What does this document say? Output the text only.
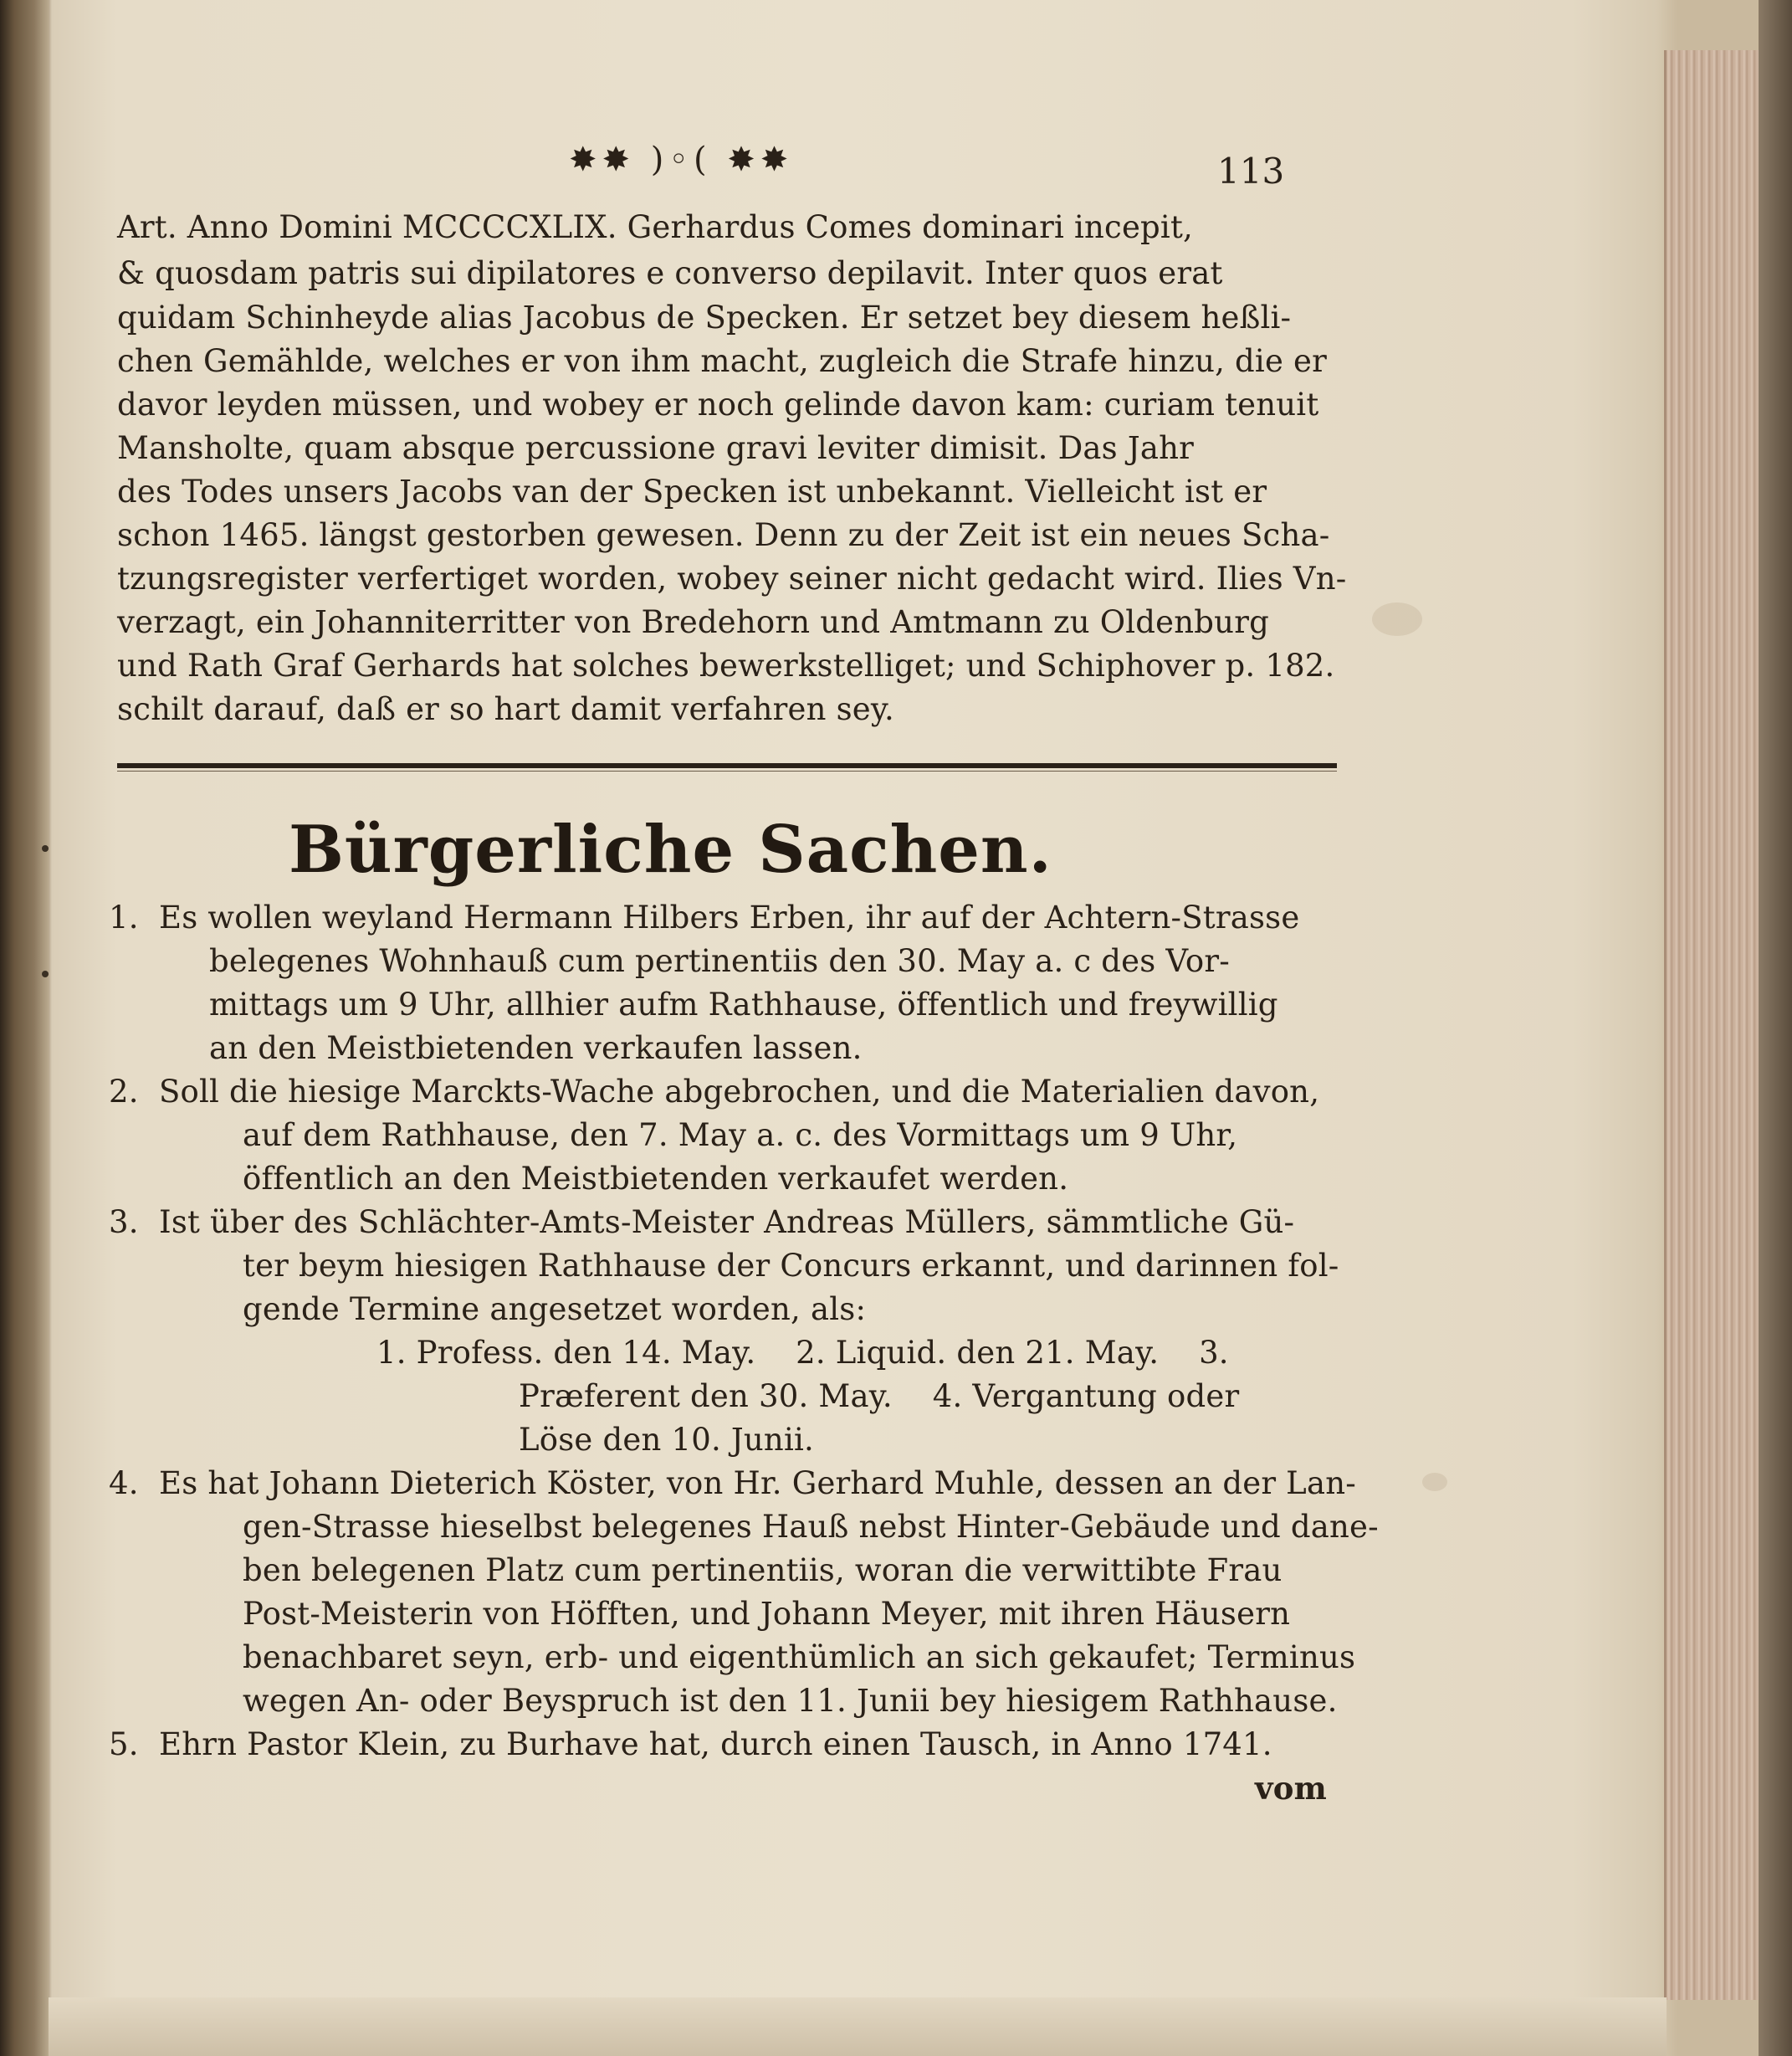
✸✸ )◦( ✸✸	113
Art. Anno Domini MCCCCXLIX. Gerhardus Comes dominari incepit,
& quosdam patris sui dipilatores e converso depilavit. Inter quos erat
quidam Schinheyde alias Jacobus de Specken. Er setzet bey diesem heßli-
chen Gemählde, welches er von ihm macht, zugleich die Strafe hinzu, die er
davor leyden müssen, und wobey er noch gelinde davon kam: curiam tenuit
Mansholte, quam absque percussione gravi leviter dimisit. Das Jahr
des Todes unsers Jacobs van der Specken ist unbekannt. Vielleicht ist er
schon 1465. längst gestorben gewesen. Denn zu der Zeit ist ein neues Scha-
tzungsregister verfertiget worden, wobey seiner nicht gedacht wird. Ilies Vn-
verzagt, ein Johanniterritter von Bredehorn und Amtmann zu Oldenburg
und Rath Graf Gerhards hat solches bewerkstelliget; und Schiphover p. 182.
schilt darauf, daß er so hart damit verfahren sey.
Bürgerliche Sachen.
1. Es wollen weyland Hermann Hilbers Erben, ihr auf der Achtern-Strasse
belegenes Wohnhauß cum pertinentiis den 30. May a. c des Vor-
mittags um 9 Uhr, allhier aufm Rathhause, öffentlich und freywillig
an den Meistbietenden verkaufen lassen.
2. Soll die hiesige Marckts-Wache abgebrochen, und die Materialien davon,
auf dem Rathhause, den 7. May a. c. des Vormittags um 9 Uhr,
öffentlich an den Meistbietenden verkaufet werden.
3. Ist über des Schlächter-Amts-Meister Andreas Müllers, sämmtliche Gü-
ter beym hiesigen Rathhause der Concurs erkannt, und darinnen fol-
gende Termine angesetzet worden, als:
1. Profess. den 14. May.    2. Liquid. den 21. May.    3.
Præferent den 30. May.    4. Vergantung oder
Löse den 10. Junii.
4. Es hat Johann Dieterich Köster, von Hr. Gerhard Muhle, dessen an der Lan-
gen-Strasse hieselbst belegenes Hauß nebst Hinter-Gebäude und dane-
ben belegenen Platz cum pertinentiis, woran die verwittibte Frau
Post-Meisterin von Höfften, und Johann Meyer, mit ihren Häusern
benachbaret seyn, erb- und eigenthümlich an sich gekaufet; Terminus
wegen An- oder Beyspruch ist den 11. Junii bey hiesigem Rathhause.
5. Ehrn Pastor Klein, zu Burhave hat, durch einen Tausch, in Anno 1741.
vom
